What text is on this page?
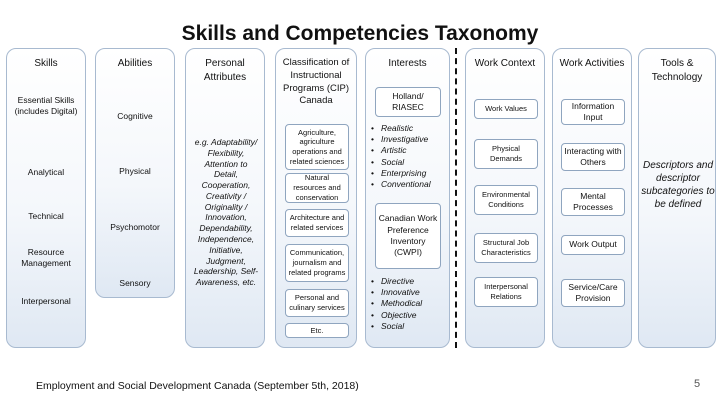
Skills and Competencies Taxonomy
Skills
Essential Skills (includes Digital)
Analytical
Technical
Resource Management
Interpersonal
Abilities
Cognitive
Physical
Psychomotor
Sensory
Personal Attributes
e.g. Adaptability/ Flexibility, Attention to Detail, Cooperation, Creativity / Originality / Innovation, Dependability, Independence, Initiative, Judgment, Leadership, Self-Awareness, etc.
Classification of Instructional Programs (CIP) Canada
Agriculture, agriculture operations and related sciences
Natural resources and conservation
Architecture and related services
Communication, journalism and related programs
Personal and culinary services
Etc.
Interests
Holland/ RIASEC
• Realistic
• Investigative
• Artistic
• Social
• Enterprising
• Conventional
Canadian Work Preference Inventory (CWPI)
• Directive
• Innovative
• Methodical
• Objective
• Social
Work Context
Work Values
Physical Demands
Environmental Conditions
Structural Job Characteristics
Interpersonal Relations
Work Activities
Information Input
Interacting with Others
Mental Processes
Work Output
Service/Care Provision
Tools & Technology
Descriptors and descriptor subcategories to be defined
Employment and Social Development Canada (September 5th, 2018)	5
